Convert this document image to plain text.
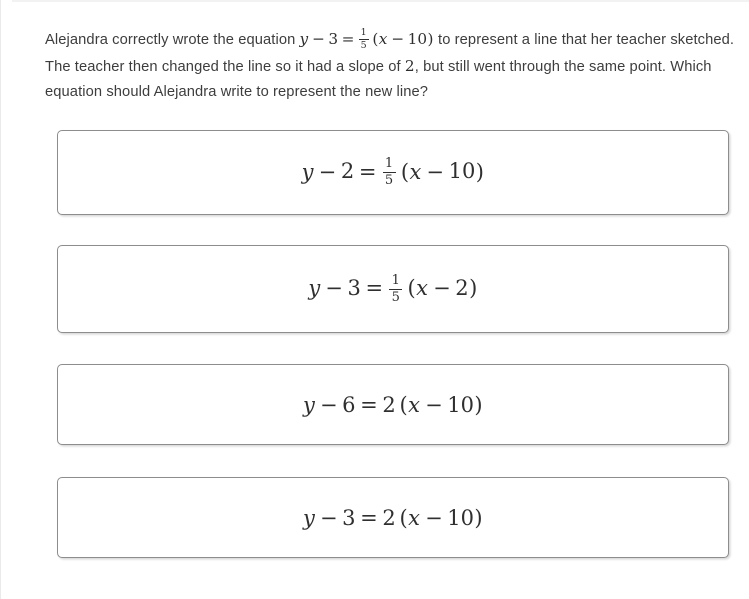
Alejandra correctly wrote the equation $y - 3 = \frac{1}{5} (x - 10)$ to represent a line that her teacher sketched. The teacher then changed the line so it had a slope of 2, but still went through the same point. Which equation should Alejandra write to represent the new line?
$y - 2 = \frac{1}{5} (x - 10)$
$y - 3 = \frac{1}{5} (x - 2)$
y − 6 = 2 (x − 10)
y − 3 = 2 (x − 10)
